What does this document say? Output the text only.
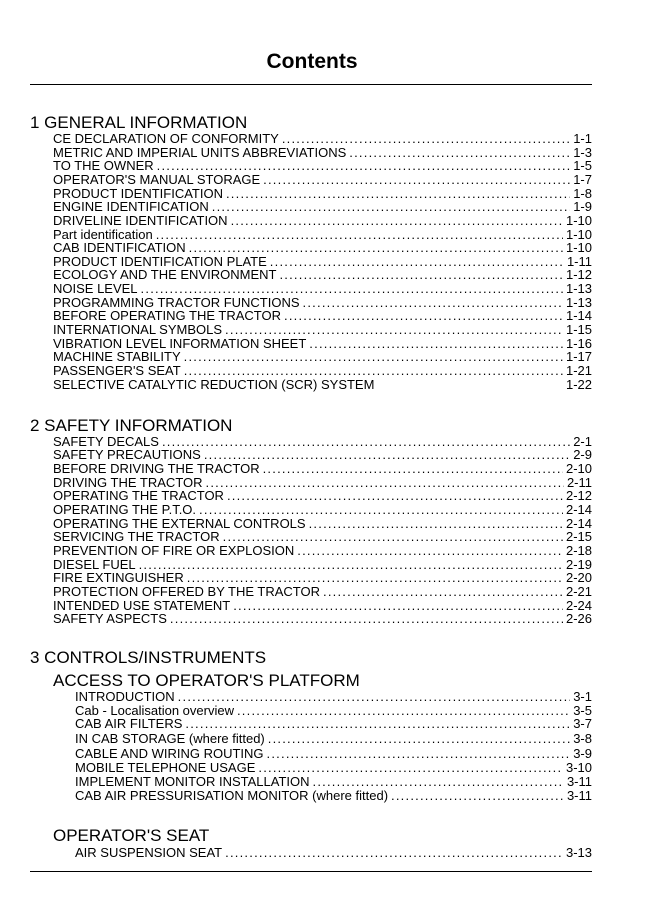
Contents
1 GENERAL INFORMATION
CE DECLARATION OF CONFORMITY . . .	1-1
METRIC AND IMPERIAL UNITS ABBREVIATIONS . . .	1-3
TO THE OWNER . . .	1-5
OPERATOR'S MANUAL STORAGE . . .	1-7
PRODUCT IDENTIFICATION . . .	1-8
ENGINE IDENTIFICATION . . .	1-9
DRIVELINE IDENTIFICATION . . .	1-10
Part identification . . .	1-10
CAB IDENTIFICATION . . .	1-10
PRODUCT IDENTIFICATION PLATE . . .	1-11
ECOLOGY AND THE ENVIRONMENT . . .	1-12
NOISE LEVEL . . .	1-13
PROGRAMMING TRACTOR FUNCTIONS . . .	1-13
BEFORE OPERATING THE TRACTOR . . .	1-14
INTERNATIONAL SYMBOLS . . .	1-15
VIBRATION LEVEL INFORMATION SHEET . . .	1-16
MACHINE STABILITY . . .	1-17
PASSENGER'S SEAT . . .	1-21
SELECTIVE CATALYTIC REDUCTION (SCR) SYSTEM	1-22
2 SAFETY INFORMATION
SAFETY DECALS . . .	2-1
SAFETY PRECAUTIONS . . .	2-9
BEFORE DRIVING THE TRACTOR . . .	2-10
DRIVING THE TRACTOR . . .	2-11
OPERATING THE TRACTOR . . .	2-12
OPERATING THE P.T.O. . . .	2-14
OPERATING THE EXTERNAL CONTROLS . . .	2-14
SERVICING THE TRACTOR . . .	2-15
PREVENTION OF FIRE OR EXPLOSION . . .	2-18
DIESEL FUEL . . .	2-19
FIRE EXTINGUISHER . . .	2-20
PROTECTION OFFERED BY THE TRACTOR . . .	2-21
INTENDED USE STATEMENT . . .	2-24
SAFETY ASPECTS . . .	2-26
3 CONTROLS/INSTRUMENTS
ACCESS TO OPERATOR'S PLATFORM
INTRODUCTION . . .	3-1
Cab - Localisation overview . . .	3-5
CAB AIR FILTERS . . .	3-7
IN CAB STORAGE (where fitted) . . .	3-8
CABLE AND WIRING ROUTING . . .	3-9
MOBILE TELEPHONE USAGE . . .	3-10
IMPLEMENT MONITOR INSTALLATION . . .	3-11
CAB AIR PRESSURISATION MONITOR (where fitted) . . .	3-11
OPERATOR'S SEAT
AIR SUSPENSION SEAT . . .	3-13
